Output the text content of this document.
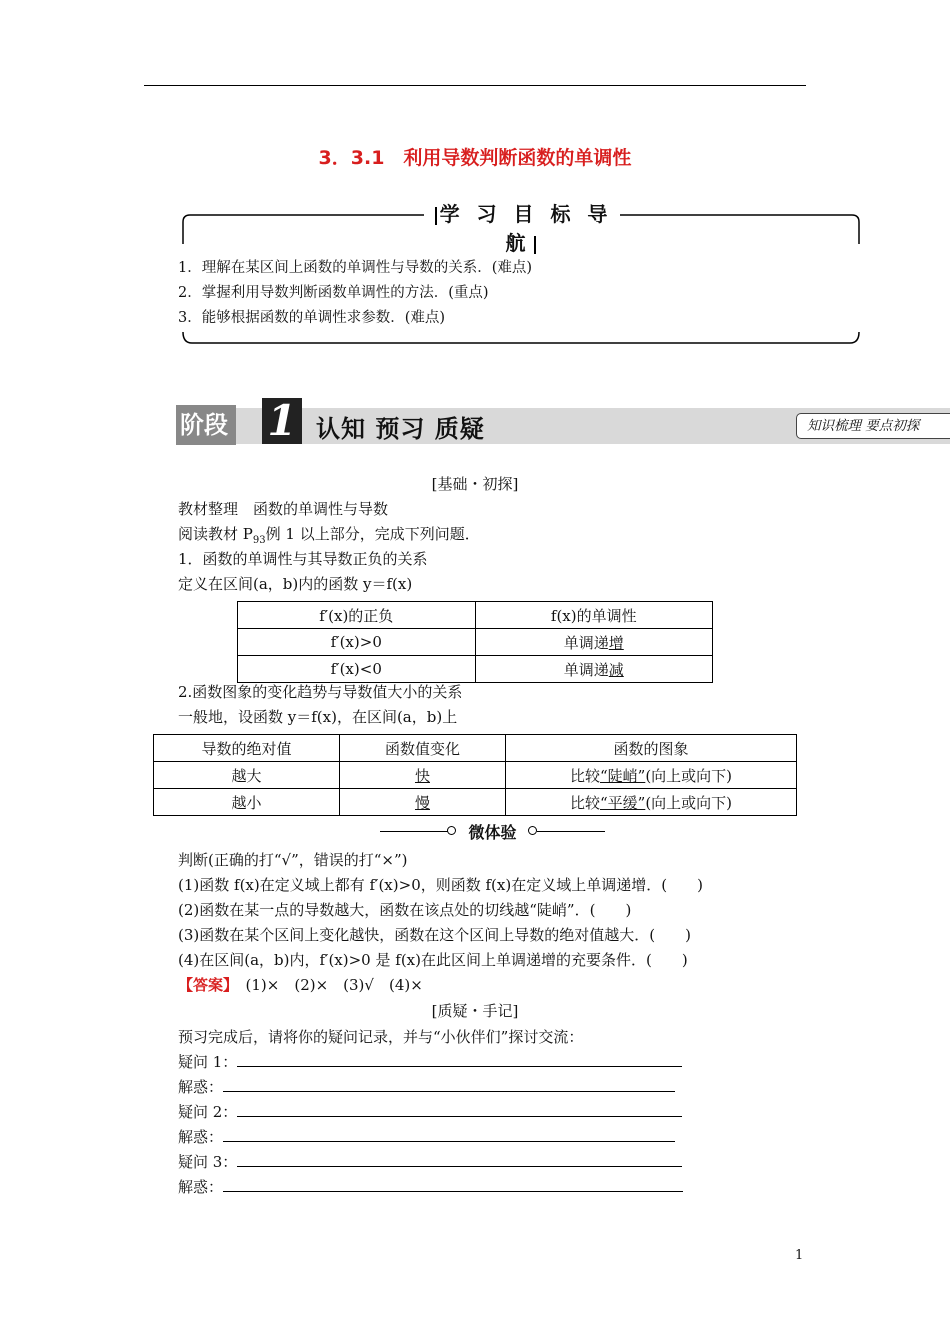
3．3.1　利用导数判断函数的单调性
学 习 目 标 导 航
1．理解在某区间上函数的单调性与导数的关系．(难点)
2．掌握利用导数判断函数单调性的方法．(重点)
3．能够根据函数的单调性求参数．(难点)
阶段 1 认知 预习 质疑	知识梳理 要点初探
[基础・初探]
教材整理　函数的单调性与导数
阅读教材 $P_{93}$例 1 以上部分，完成下列问题．
1．函数的单调性与其导数正负的关系
定义在区间(a，b)内的函数 y＝f(x)
f′(x)的正负	f(x)的单调性
f′(x)>0	单调递增
f′(x)<0	单调递减
2.函数图象的变化趋势与导数值大小的关系
一般地，设函数 y＝f(x)，在区间(a，b)上
导数的绝对值	函数值变化	函数的图象
越大	快	比较“陡峭”(向上或向下)
越小	慢	比较“平缓”(向上或向下)
微体验
判断(正确的打“√”，错误的打“×”)
(1)函数 f(x)在定义域上都有 f′(x)>0，则函数 f(x)在定义域上单调递增．(　　)
(2)函数在某一点的导数越大，函数在该点处的切线越“陡峭”．(　　)
(3)函数在某个区间上变化越快，函数在这个区间上导数的绝对值越大．(　　)
(4)在区间(a，b)内，f′(x)>0 是 f(x)在此区间上单调递增的充要条件．(　　)
【答案】　 (1)×　(2)×　(3)√　(4)×
[质疑・手记]
预习完成后，请将你的疑问记录，并与“小伙伴们”探讨交流：
疑问 1：
解惑：
疑问 2：
解惑：
疑问 3：
解惑：
1
